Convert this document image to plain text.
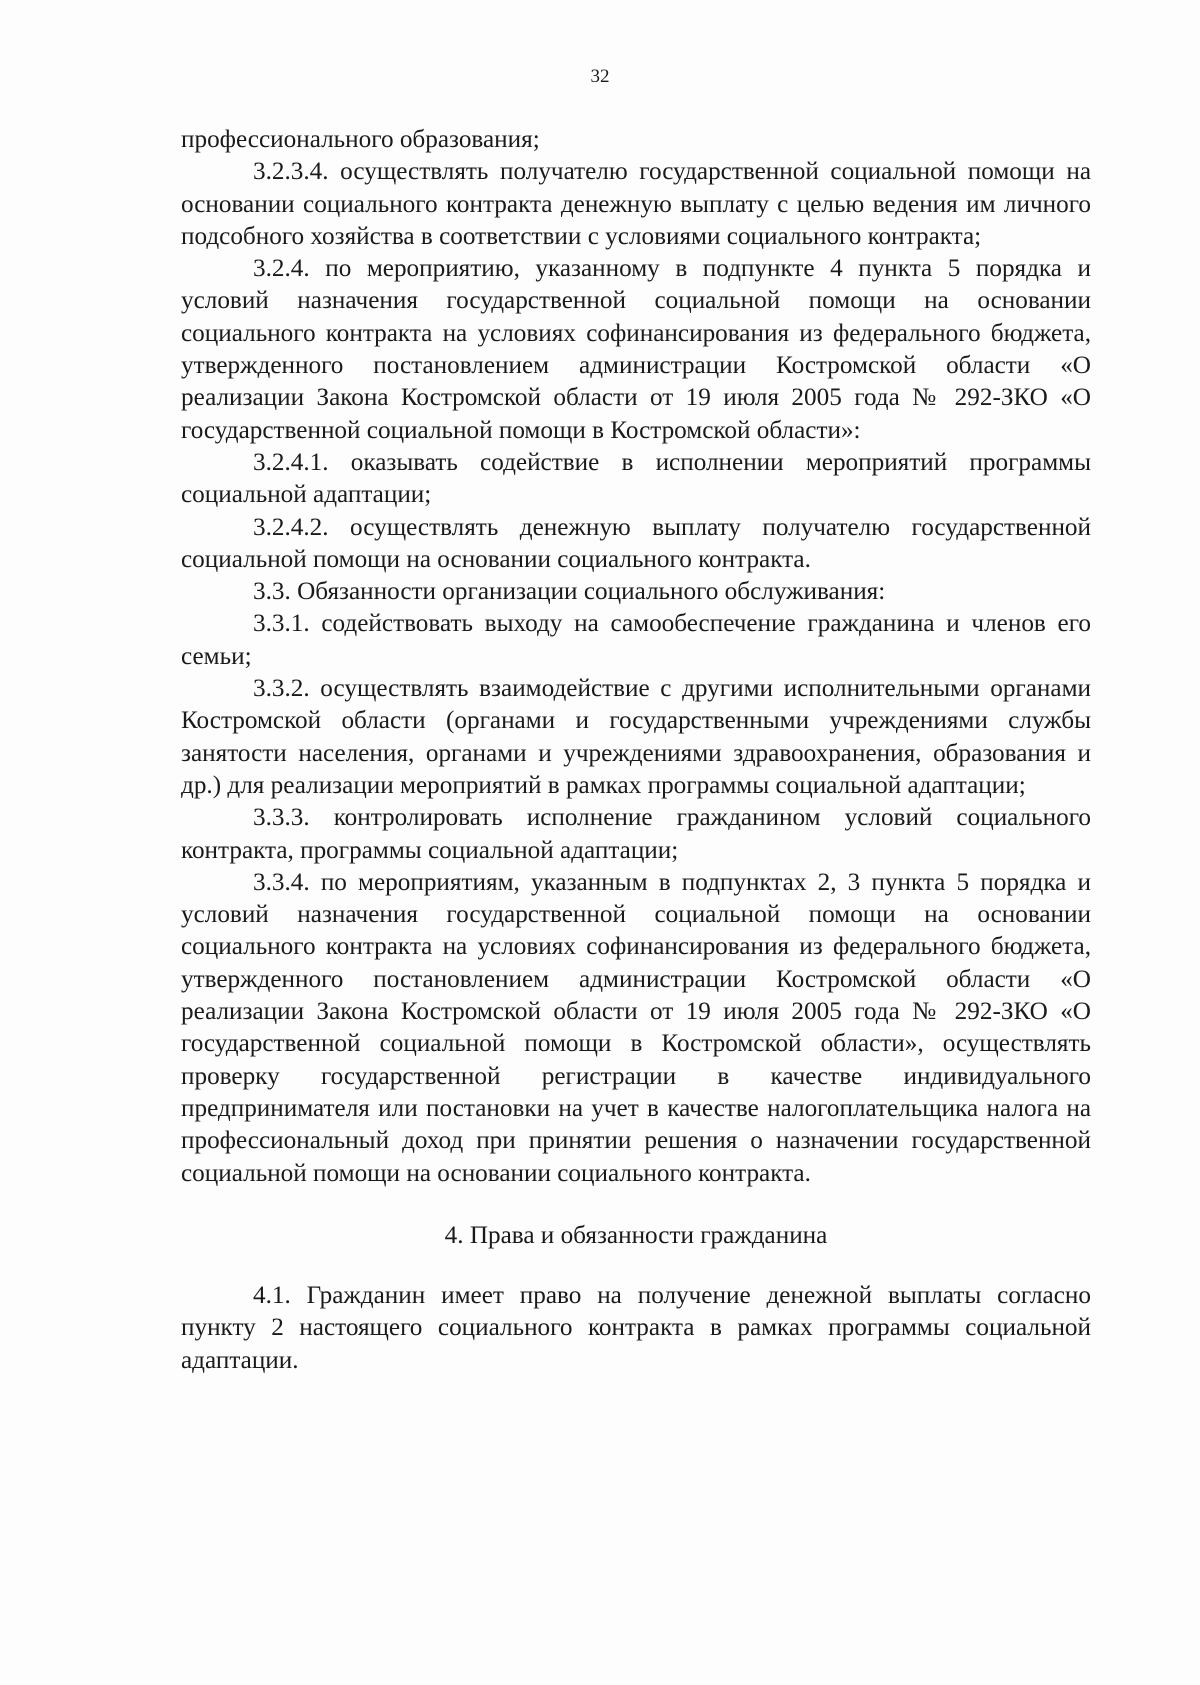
32

профессионального образования;

3.2.3.4. осуществлять получателю государственной социальной помощи на основании социального контракта денежную выплату с целью ведения им личного подсобного хозяйства в соответствии с условиями социального контракта;

3.2.4. по мероприятию, указанному в подпункте 4 пункта 5 порядка и условий назначения государственной социальной помощи на основании социального контракта на условиях софинансирования из федерального бюджета, утвержденного постановлением администрации Костромской области «О реализации Закона Костромской области от 19 июля 2005 года № 292-ЗКО «О государственной социальной помощи в Костромской области»:

3.2.4.1. оказывать содействие в исполнении мероприятий программы социальной адаптации;

3.2.4.2. осуществлять денежную выплату получателю государственной социальной помощи на основании социального контракта.

3.3. Обязанности организации социального обслуживания:

3.3.1. содействовать выходу на самообеспечение гражданина и членов его семьи;

3.3.2. осуществлять взаимодействие с другими исполнительными органами Костромской области (органами и государственными учреждениями службы занятости населения, органами и учреждениями здравоохранения, образования и др.) для реализации мероприятий в рамках программы социальной адаптации;

3.3.3. контролировать исполнение гражданином условий социального контракта, программы социальной адаптации;

3.3.4. по мероприятиям, указанным в подпунктах 2, 3 пункта 5 порядка и условий назначения государственной социальной помощи на основании социального контракта на условиях софинансирования из федерального бюджета, утвержденного постановлением администрации Костромской области «О реализации Закона Костромской области от 19 июля 2005 года № 292-ЗКО «О государственной социальной помощи в Костромской области», осуществлять проверку государственной регистрации в качестве индивидуального предпринимателя или постановки на учет в качестве налогоплательщика налога на профессиональный доход при принятии решения о назначении государственной социальной помощи на основании социального контракта.

4. Права и обязанности гражданина

4.1. Гражданин имеет право на получение денежной выплаты согласно пункту 2 настоящего социального контракта в рамках программы социальной адаптации.
